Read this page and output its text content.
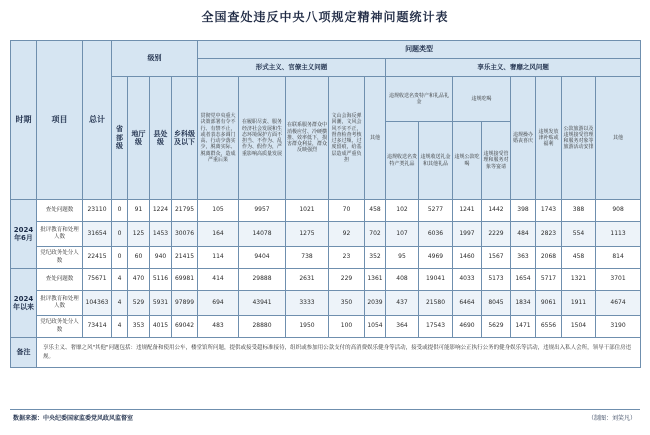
全国查处违反中央八项规定精神问题统计表
时期	项目	总计	级别				问题类型												
							形式主义、官僚主义问题					享乐主义、奢靡之风问题							
			省部级	地厅级	县处级	乡科级及以下	贯彻党中央重大决策部署有令不行、有禁不止，或者表态多调门高、行动少落实少，脱离实际、脱离群众，造成严重后果	在履职尽责、服务经济社会发展和生态环境保护方面不担当、不作为、乱作为、假作为，严重影响高质量发展	在联系服务群众中消极应付、冷硬横推、效率低下，损害群众利益，群众反映强烈	文山会海反弹回潮，文风会风不实不正，督查检查考核过多过频、过度留痕，给基层造成严重负担	其他	违规收送名贵特产和礼品礼金		违规吃喝		违规操办婚丧喜庆	违规发放津补贴或福利	公款旅游以及违规接受管理和服务对象等旅游活动安排	其他
												违规收送名贵特产类礼品	违规收送礼金和其他礼品	违规公款吃喝	违规接受管理和服务对象等宴请				
2024年6月	查处问题数	23110	0	91	1224	21795	105	9957	1021	70	458	102	5277	1241	1442	398	1743	388	908
	批评教育和处理人数	31654	0	125	1453	30076	164	14078	1275	92	702	107	6036	1997	2229	484	2823	554	1113
	党纪政务处分人数	22415	0	60	940	21415	114	9404	738	23	352	95	4969	1460	1567	363	2068	458	814
2024年以来	查处问题数	75671	4	470	5116	69981	414	29888	2631	229	1361	408	19041	4033	5173	1654	5717	1321	3701
	批评教育和处理人数	104363	4	529	5931	97899	694	43941	3333	350	2039	437	21580	6464	8045	1834	9061	1911	4674
	党纪政务处分人数	73414	4	353	4015	69042	483	28880	1950	100	1054	364	17543	4690	5629	1471	6556	1504	3190
备注	享乐主义、奢靡之风"其他"问题包括：违规配备和使用公车，楼堂馆所问题，提供或接受超标准接待，组织或参加用公款支付的高消费娱乐健身等活动，接受或提供可能影响公正执行公务的健身娱乐等活动，违规出入私人会所，领导干部住房违规。																		
数据来源：中央纪委国家监委党风政风监督室	（制图：刘笑凡）
